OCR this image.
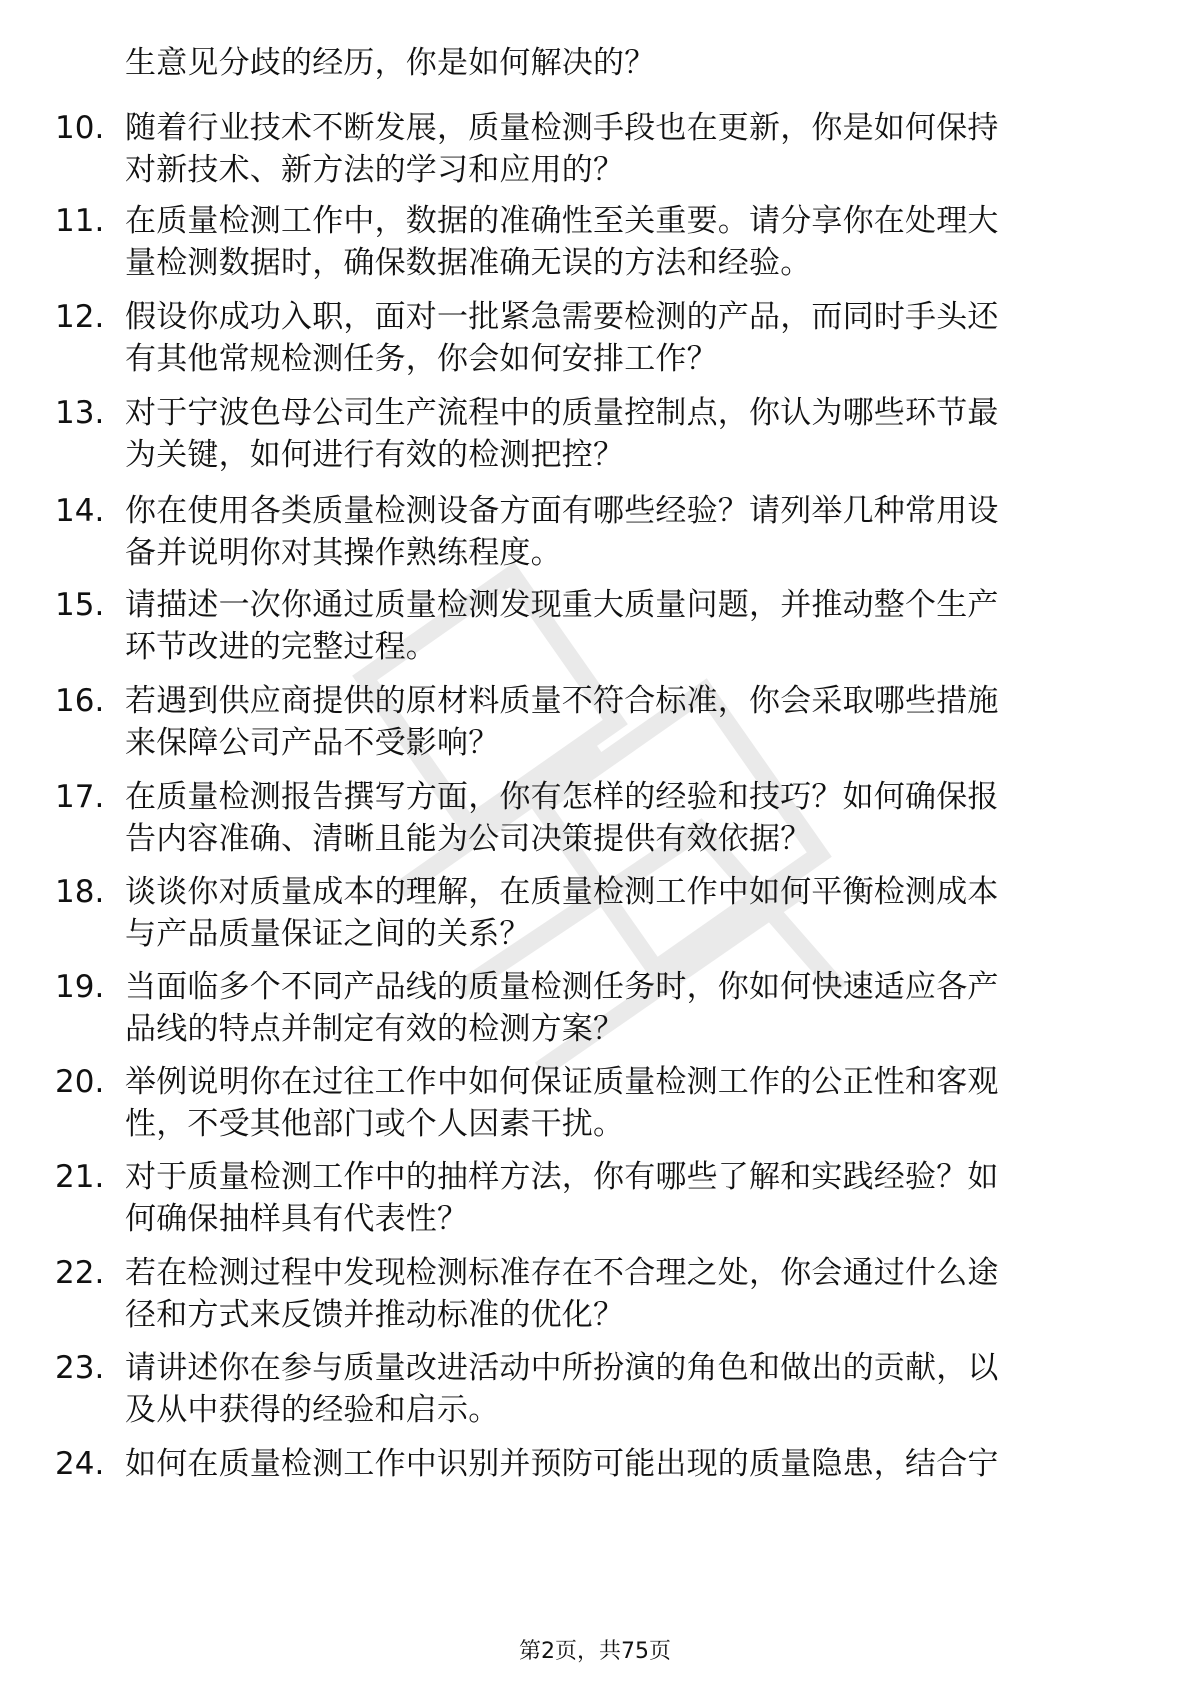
生意见分歧的经历，你是如何解决的？
10. 随着行业技术不断发展，质量检测手段也在更新，你是如何保持
对新技术、新方法的学习和应用的？
11. 在质量检测工作中，数据的准确性至关重要。请分享你在处理大
量检测数据时，确保数据准确无误的方法和经验。
12. 假设你成功入职，面对一批紧急需要检测的产品，而同时手头还
有其他常规检测任务，你会如何安排工作？
13. 对于宁波色母公司生产流程中的质量控制点，你认为哪些环节最
为关键，如何进行有效的检测把控？
14. 你在使用各类质量检测设备方面有哪些经验？请列举几种常用设
备并说明你对其操作熟练程度。
15. 请描述一次你通过质量检测发现重大质量问题，并推动整个生产
环节改进的完整过程。
16. 若遇到供应商提供的原材料质量不符合标准，你会采取哪些措施
来保障公司产品不受影响？
17. 在质量检测报告撰写方面，你有怎样的经验和技巧？如何确保报
告内容准确、清晰且能为公司决策提供有效依据？
18. 谈谈你对质量成本的理解，在质量检测工作中如何平衡检测成本
与产品质量保证之间的关系？
19. 当面临多个不同产品线的质量检测任务时，你如何快速适应各产
品线的特点并制定有效的检测方案？
20. 举例说明你在过往工作中如何保证质量检测工作的公正性和客观
性，不受其他部门或个人因素干扰。
21. 对于质量检测工作中的抽样方法，你有哪些了解和实践经验？如
何确保抽样具有代表性？
22. 若在检测过程中发现检测标准存在不合理之处，你会通过什么途
径和方式来反馈并推动标准的优化？
23. 请讲述你在参与质量改进活动中所扮演的角色和做出的贡献，以
及从中获得的经验和启示。
24. 如何在质量检测工作中识别并预防可能出现的质量隐患，结合宁
第2页，共75页
